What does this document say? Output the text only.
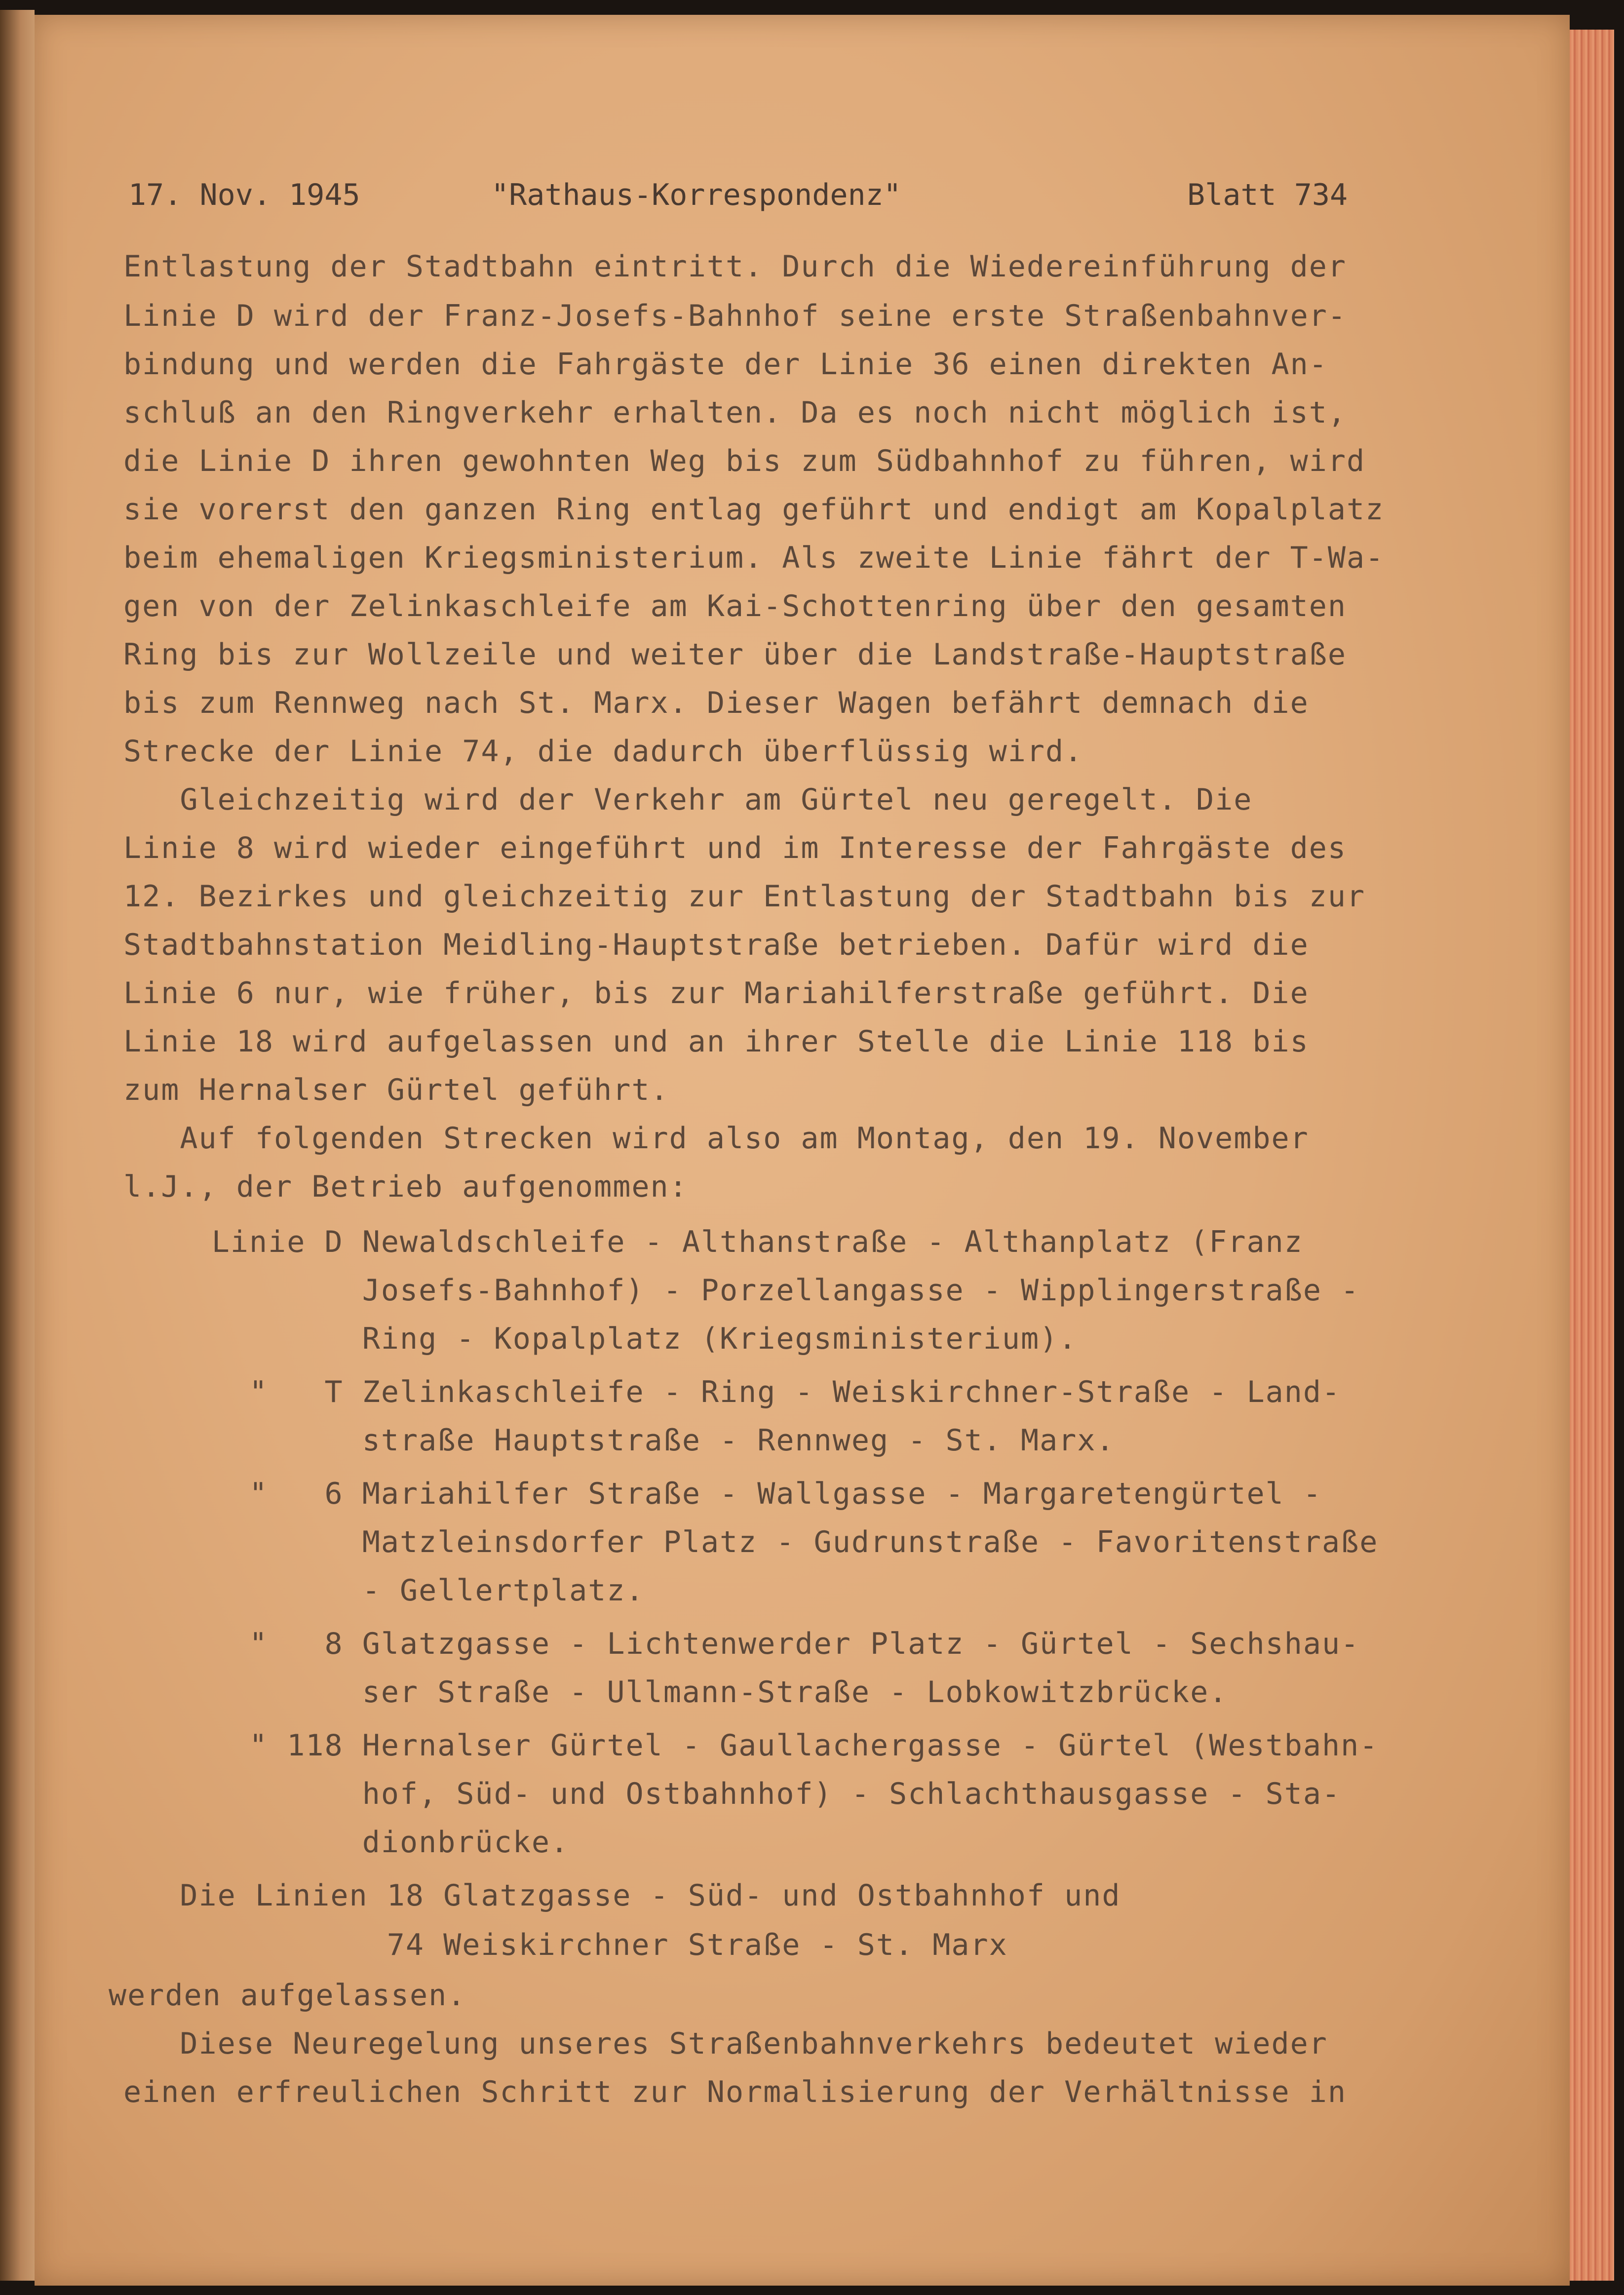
17. Nov. 1945	"Rathaus-Korrespondenz"	Blatt 734
Entlastung der Stadtbahn eintritt. Durch die Wiedereinführung der
Linie D wird der Franz-Josefs-Bahnhof seine erste Straßenbahnver-
bindung und werden die Fahrgäste der Linie 36 einen direkten An-
schluß an den Ringverkehr erhalten. Da es noch nicht möglich ist,
die Linie D ihren gewohnten Weg bis zum Südbahnhof zu führen, wird
sie vorerst den ganzen Ring entlag geführt und endigt am Kopalplatz
beim ehemaligen Kriegsministerium. Als zweite Linie fährt der T-Wa-
gen von der Zelinkaschleife am Kai-Schottenring über den gesamten
Ring bis zur Wollzeile und weiter über die Landstraße-Hauptstraße
bis zum Rennweg nach St. Marx. Dieser Wagen befährt demnach die
Strecke der Linie 74, die dadurch überflüssig wird.
Gleichzeitig wird der Verkehr am Gürtel neu geregelt. Die
Linie 8 wird wieder eingeführt und im Interesse der Fahrgäste des
12. Bezirkes und gleichzeitig zur Entlastung der Stadtbahn bis zur
Stadtbahnstation Meidling-Hauptstraße betrieben. Dafür wird die
Linie 6 nur, wie früher, bis zur Mariahilferstraße geführt. Die
Linie 18 wird aufgelassen und an ihrer Stelle die Linie 118 bis
zum Hernalser Gürtel geführt.
Auf folgenden Strecken wird also am Montag, den 19. November
l.J., der Betrieb aufgenommen:
Linie D Newaldschleife - Althanstraße - Althanplatz (Franz
Josefs-Bahnhof) - Porzellangasse - Wipplingerstraße -
Ring - Kopalplatz (Kriegsministerium).
"   T Zelinkaschleife - Ring - Weiskirchner-Straße - Land-
straße Hauptstraße - Rennweg - St. Marx.
"   6 Mariahilfer Straße - Wallgasse - Margaretengürtel -
Matzleinsdorfer Platz - Gudrunstraße - Favoritenstraße
- Gellertplatz.
"   8 Glatzgasse - Lichtenwerder Platz - Gürtel - Sechshau-
ser Straße - Ullmann-Straße - Lobkowitzbrücke.
" 118 Hernalser Gürtel - Gaullachergasse - Gürtel (Westbahn-
hof, Süd- und Ostbahnhof) - Schlachthausgasse - Sta-
dionbrücke.
Die Linien 18 Glatzgasse - Süd- und Ostbahnhof und
74 Weiskirchner Straße - St. Marx
werden aufgelassen.
Diese Neuregelung unseres Straßenbahnverkehrs bedeutet wieder
einen erfreulichen Schritt zur Normalisierung der Verhältnisse in
